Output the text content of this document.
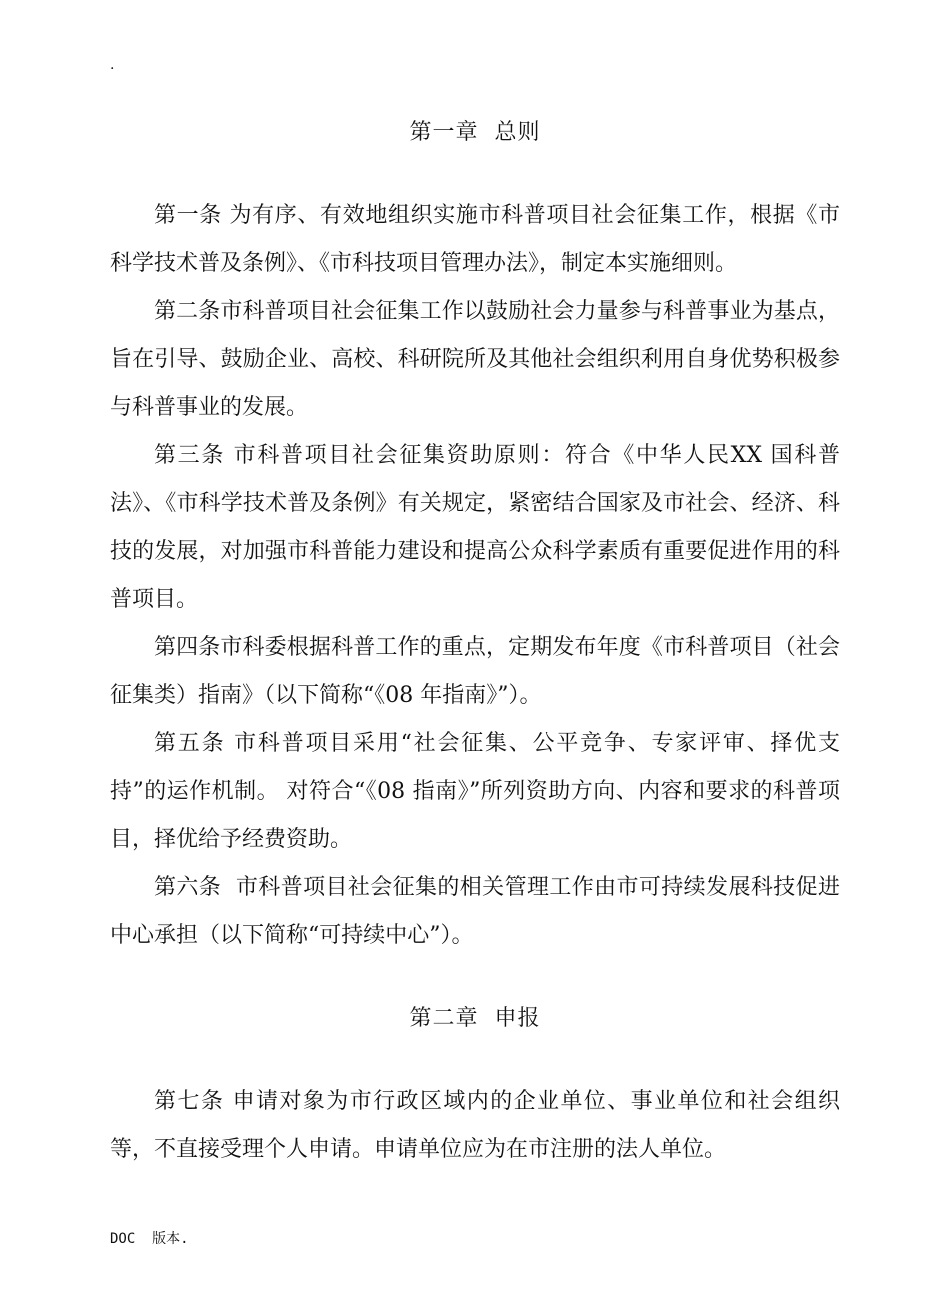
.
第一章  总则

第一条 为有序、有效地组织实施市科普项目社会征集工作，根据《市科学技术普及条例》、《市科技项目管理办法》，制定本实施细则。

第二条市科普项目社会征集工作以鼓励社会力量参与科普事业为基点，旨在引导、鼓励企业、高校、科研院所及其他社会组织利用自身优势积极参与科普事业的发展。

第三条 市科普项目社会征集资助原则：符合《中华人民XX 国科普法》、《市科学技术普及条例》有关规定，紧密结合国家及市社会、经济、科技的发展，对加强市科普能力建设和提高公众科学素质有重要促进作用的科普项目。

第四条市科委根据科普工作的重点，定期发布年度《市科普项目（社会征集类）指南》（以下简称“《08 年指南》”）。

第五条 市科普项目采用“社会征集、公平竞争、专家评审、择优支持”的运作机制。 对符合“《08 指南》”所列资助方向、内容和要求的科普项目，择优给予经费资助。

第六条  市科普项目社会征集的相关管理工作由市可持续发展科技促进中心承担（以下简称“可持续中心”）。

第二章  申报

第七条 申请对象为市行政区域内的企业单位、事业单位和社会组织等，不直接受理个人申请。申请单位应为在市注册的法人单位。

DOC  版本.
